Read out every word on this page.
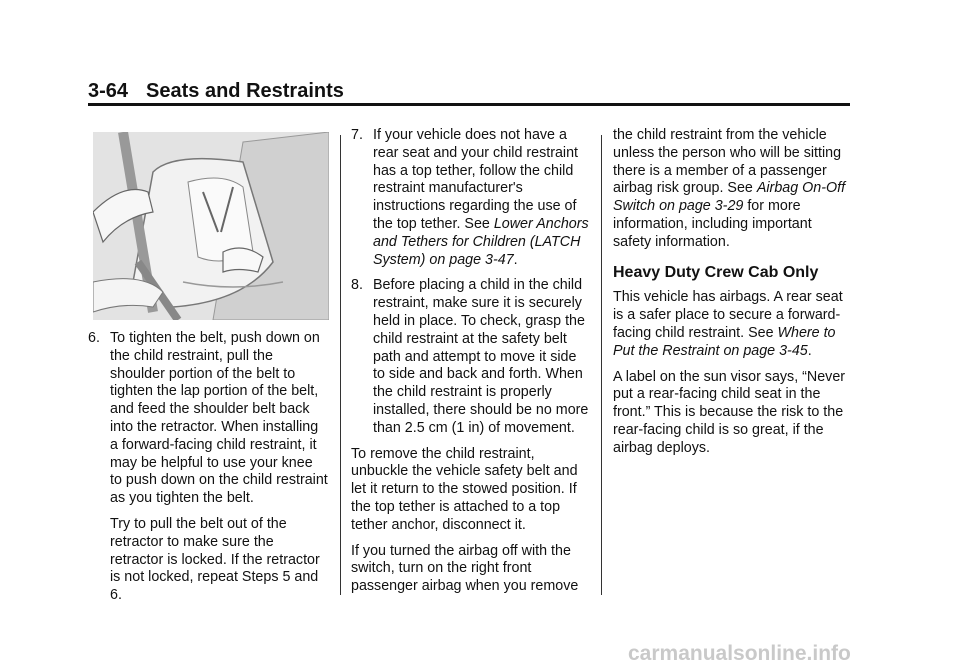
3-64 Seats and Restraints

6. To tighten the belt, push down on the child restraint, pull the shoulder portion of the belt to tighten the lap portion of the belt, and feed the shoulder belt back into the retractor. When installing a forward-facing child restraint, it may be helpful to use your knee to push down on the child restraint as you tighten the belt.

Try to pull the belt out of the retractor to make sure the retractor is locked. If the retractor is not locked, repeat Steps 5 and 6.

7. If your vehicle does not have a rear seat and your child restraint has a top tether, follow the child restraint manufacturer's instructions regarding the use of the top tether. See Lower Anchors and Tethers for Children (LATCH System) on page 3-47.

8. Before placing a child in the child restraint, make sure it is securely held in place. To check, grasp the child restraint at the safety belt path and attempt to move it side to side and back and forth. When the child restraint is properly installed, there should be no more than 2.5 cm (1 in) of movement.

To remove the child restraint, unbuckle the vehicle safety belt and let it return to the stowed position. If the top tether is attached to a top tether anchor, disconnect it.

If you turned the airbag off with the switch, turn on the right front passenger airbag when you remove

the child restraint from the vehicle unless the person who will be sitting there is a member of a passenger airbag risk group. See Airbag On-Off Switch on page 3-29 for more information, including important safety information.

Heavy Duty Crew Cab Only

This vehicle has airbags. A rear seat is a safer place to secure a forward-facing child restraint. See Where to Put the Restraint on page 3-45.

A label on the sun visor says, “Never put a rear-facing child seat in the front.” This is because the risk to the rear-facing child is so great, if the airbag deploys.

carmanualsonline.info
